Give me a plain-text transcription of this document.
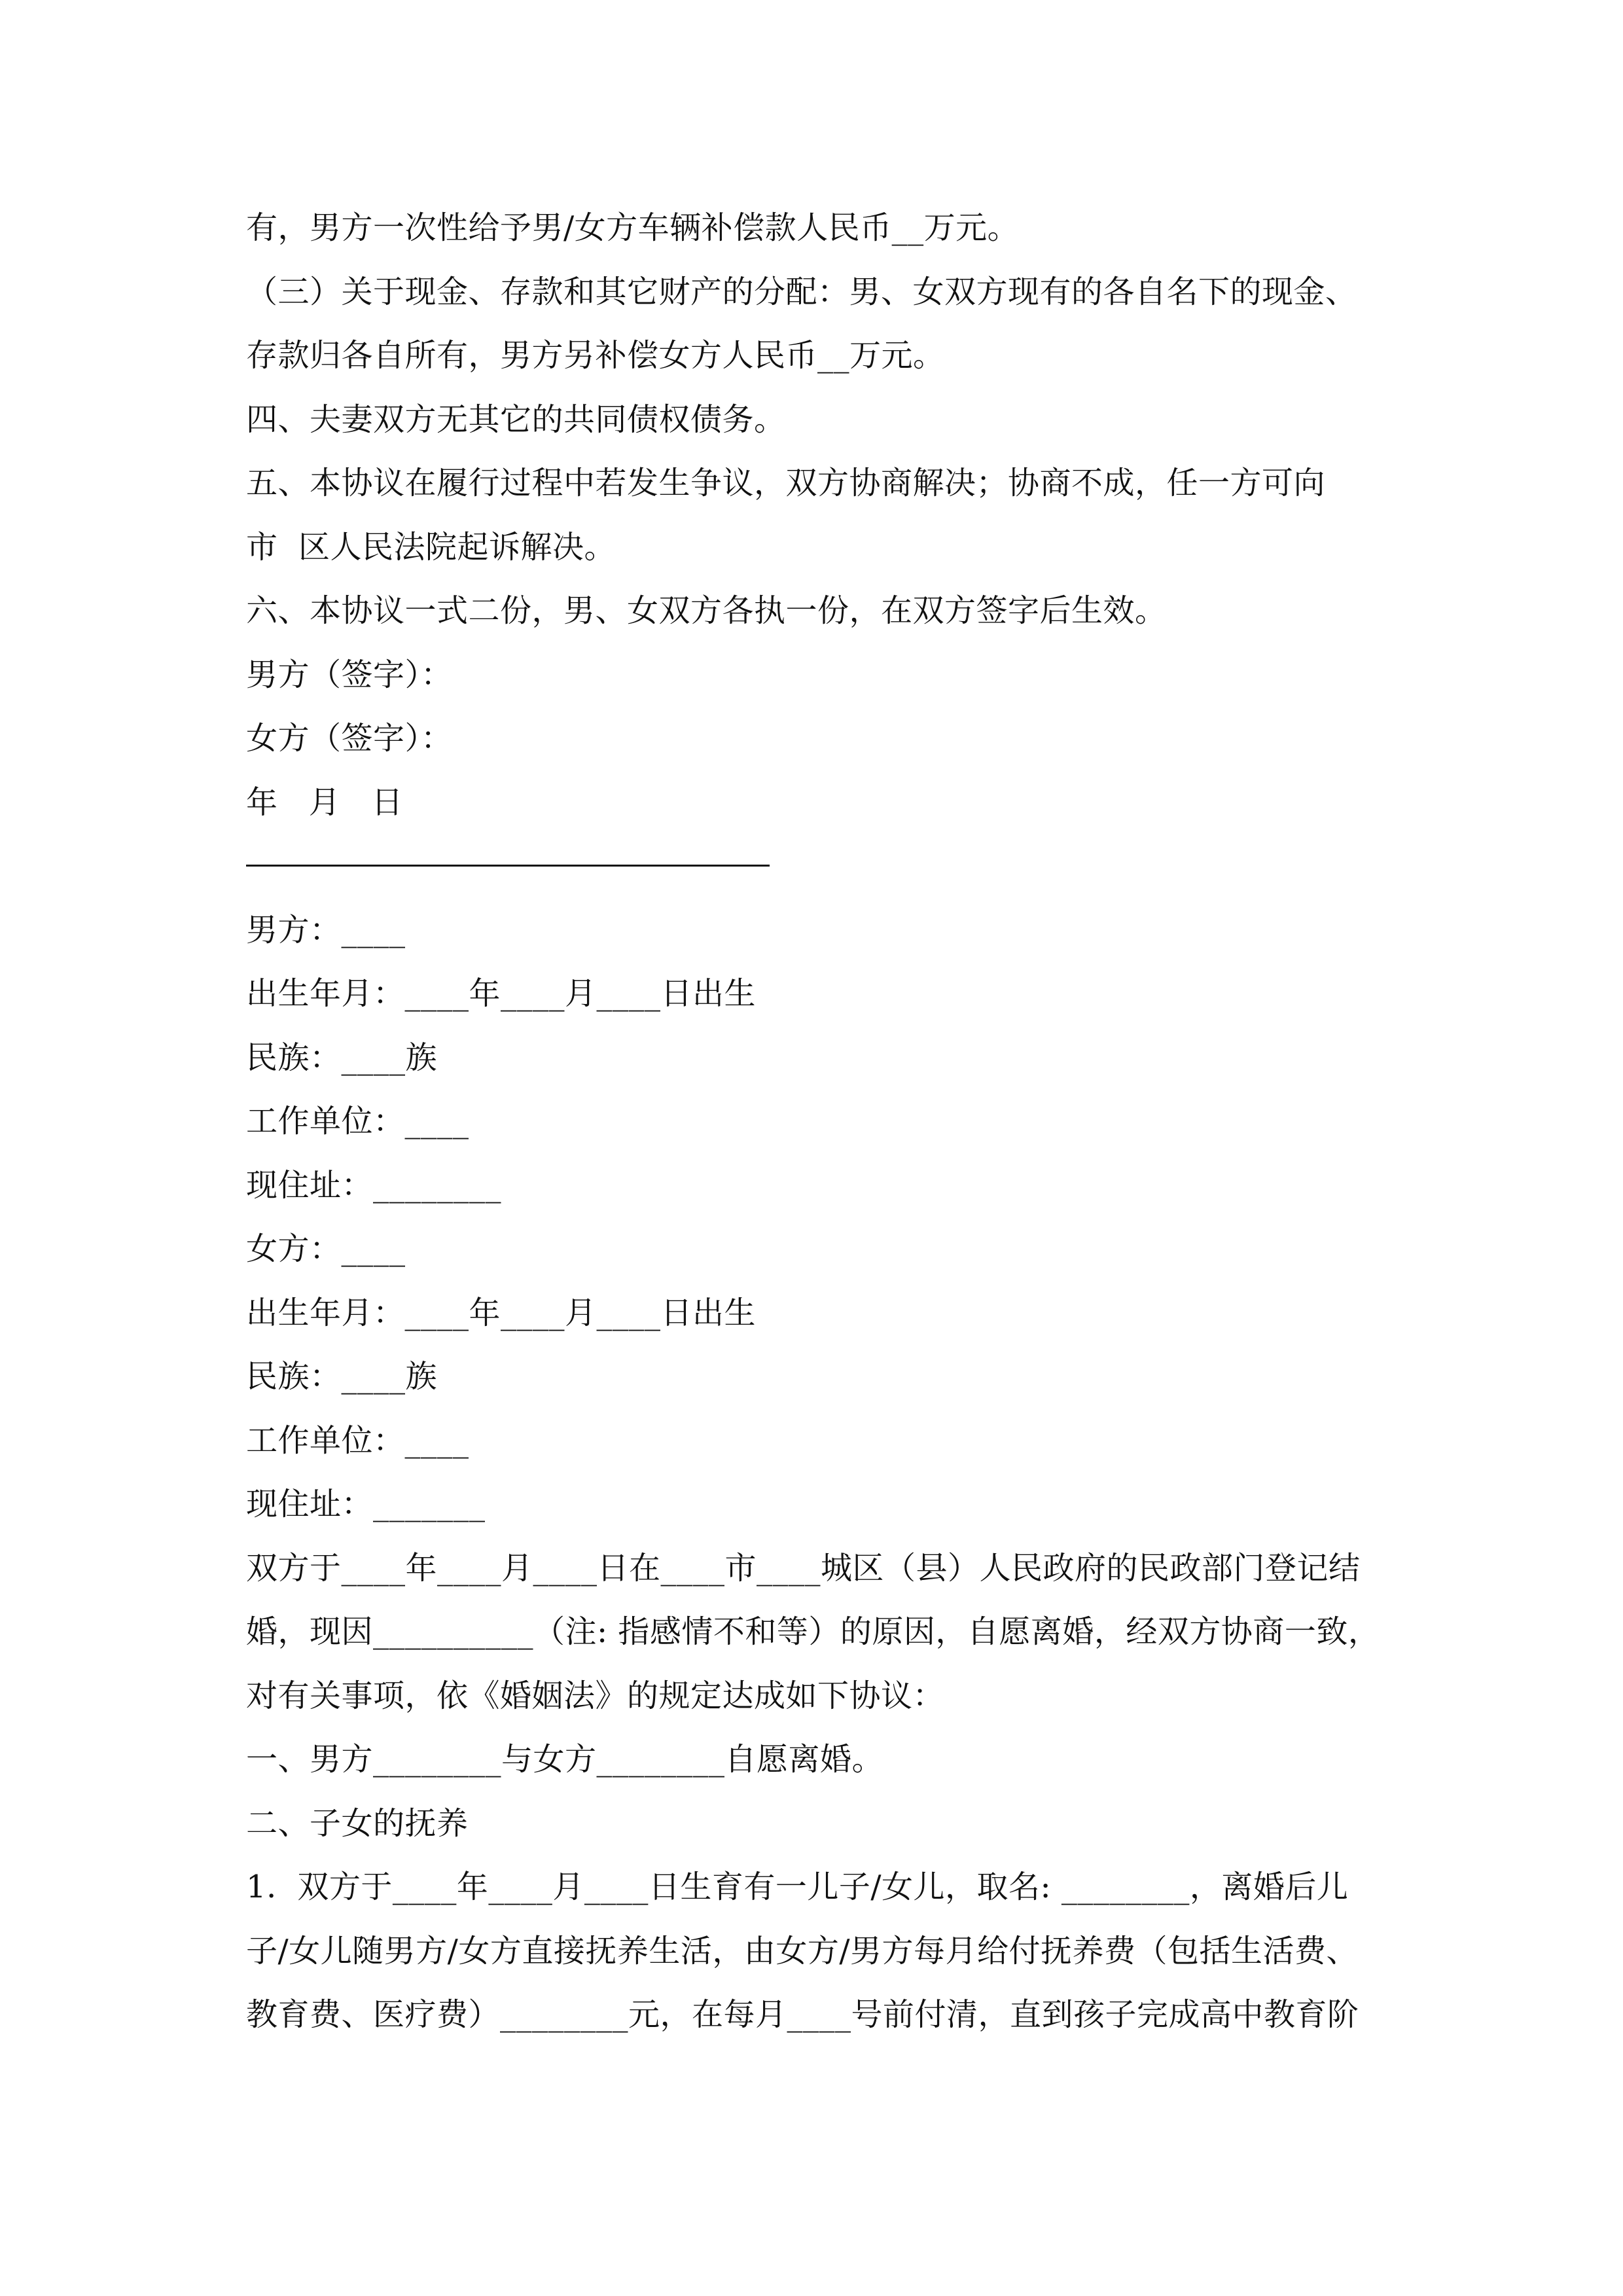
有，男方一次性给予男/女方车辆补偿款人民币__万元。
（三）关于现金、存款和其它财产的分配：男、女双方现有的各自名下的现金、
存款归各自所有，男方另补偿女方人民币__万元。
四、夫妻双方无其它的共同债权债务。
五、本协议在履行过程中若发生争议，双方协商解决；协商不成，任一方可向
市  区人民法院起诉解决。
六、本协议一式二份，男、女双方各执一份，在双方签字后生效。
男方（签字）：
女方（签字）：
年   月   日
男方：____
出生年月：____年____月____日出生
民族：____族
工作单位：____
现住址：________
女方：____
出生年月：____年____月____日出生
民族：____族
工作单位：____
现住址：_______
双方于____年____月____日在____市____城区（县）人民政府的民政部门登记结
婚，现因__________（注: 指感情不和等）的原因，自愿离婚，经双方协商一致，
对有关事项，依《婚姻法》的规定达成如下协议：
一、男方________与女方________自愿离婚。
二、子女的抚养
1.  双方于____年____月____日生育有一儿子/女儿，取名: ________，离婚后儿
子/女儿随男方/女方直接抚养生活，由女方/男方每月给付抚养费（包括生活费、
教育费、医疗费）________元，在每月____号前付清，直到孩子完成高中教育阶
